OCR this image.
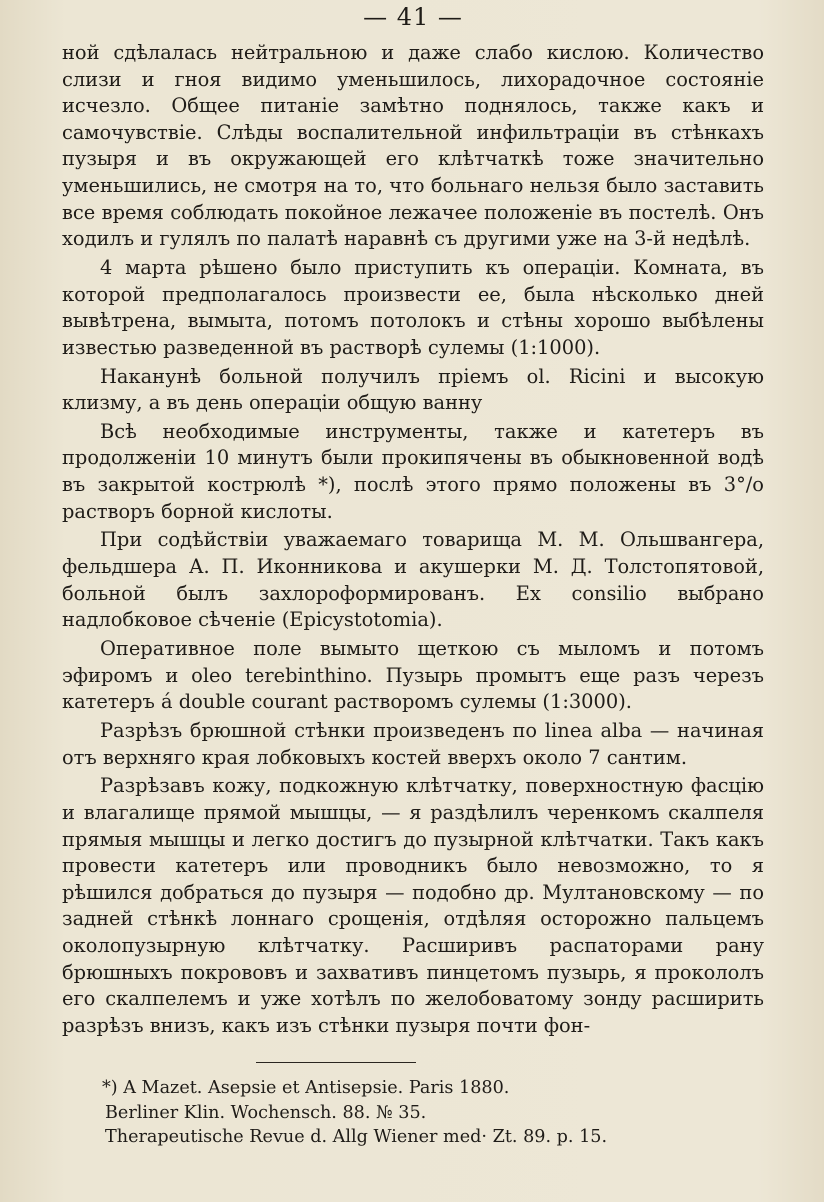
— 41 —

ной сдѣлалась нейтральною и даже слабо кислою. Количество слизи и гноя видимо уменьшилось, лихорадочное состояніе исчезло. Общее питаніе замѣтно поднялось, также какъ и самочувствіе. Слѣды воспалительной инфильтраціи въ стѣнкахъ пузыря и въ окружающей его клѣтчаткѣ тоже значительно уменьшились, не смотря на то, что больнаго нельзя было заставить все время соблюдать покойное лежачее положеніе въ постелѣ. Онъ ходилъ и гулялъ по палатѣ наравнѣ съ другими уже на 3-й недѣлѣ.

4 марта рѣшено было приступить къ операціи. Комната, въ которой предполагалось произвести ее, была нѣсколько дней вывѣтрена, вымыта, потомъ потолокъ и стѣны хорошо выбѣлены известью разведенной въ растворѣ сулемы (1:1000).

Наканунѣ больной получилъ пріемъ ol. Ricini и высокую клизму, а въ день операціи общую ванну

Всѣ необходимые инструменты, также и катетеръ въ продолженіи 10 минутъ были прокипячены въ обыкновенной водѣ въ закрытой кострюлѣ *), послѣ этого прямо положены въ 3°/о растворъ борной кислоты.

При содѣйствіи уважаемаго товарища М. М. Ольшвангера, фельдшера А. П. Иконникова и акушерки М. Д. Толстопятовой, больной былъ захлороформированъ. Ex consilio выбрано надлобковое сѣченіе (Epicystotomia).

Оперативное поле вымыто щеткою съ мыломъ и потомъ эфиромъ и oleo terebinthino. Пузырь промытъ еще разъ черезъ катетеръ á double courant растворомъ сулемы (1:3000).

Разрѣзъ брюшной стѣнки произведенъ по linea alba — начиная отъ верхняго края лобковыхъ костей вверхъ около 7 сантим.

Разрѣзавъ кожу, подкожную клѣтчатку, поверхностную фасцію и влагалище прямой мышцы, — я раздѣлилъ черенкомъ скалпеля прямыя мышцы и легко достигъ до пузырной клѣтчатки. Такъ какъ провести катетеръ или проводникъ было невозможно, то я рѣшился добраться до пузыря — подобно др. Мултановскому — по задней стѣнкѣ лоннаго срощенія, отдѣляя осторожно пальцемъ околопузырную клѣтчатку. Расширивъ распаторами рану брюшныхъ покрововъ и захвативъ пинцетомъ пузырь, я прокололъ его скалпелемъ и уже хотѣлъ по желобоватому зонду расширить разрѣзъ внизъ, какъ изъ стѣнки пузыря почти фон-

*) A Mazet. Asepsie et Antisepsie. Paris 1880.

Berliner Klin. Wochensch. 88. № 35.

Therapeutische Revue d. Allg Wiener med· Zt. 89. p. 15.
